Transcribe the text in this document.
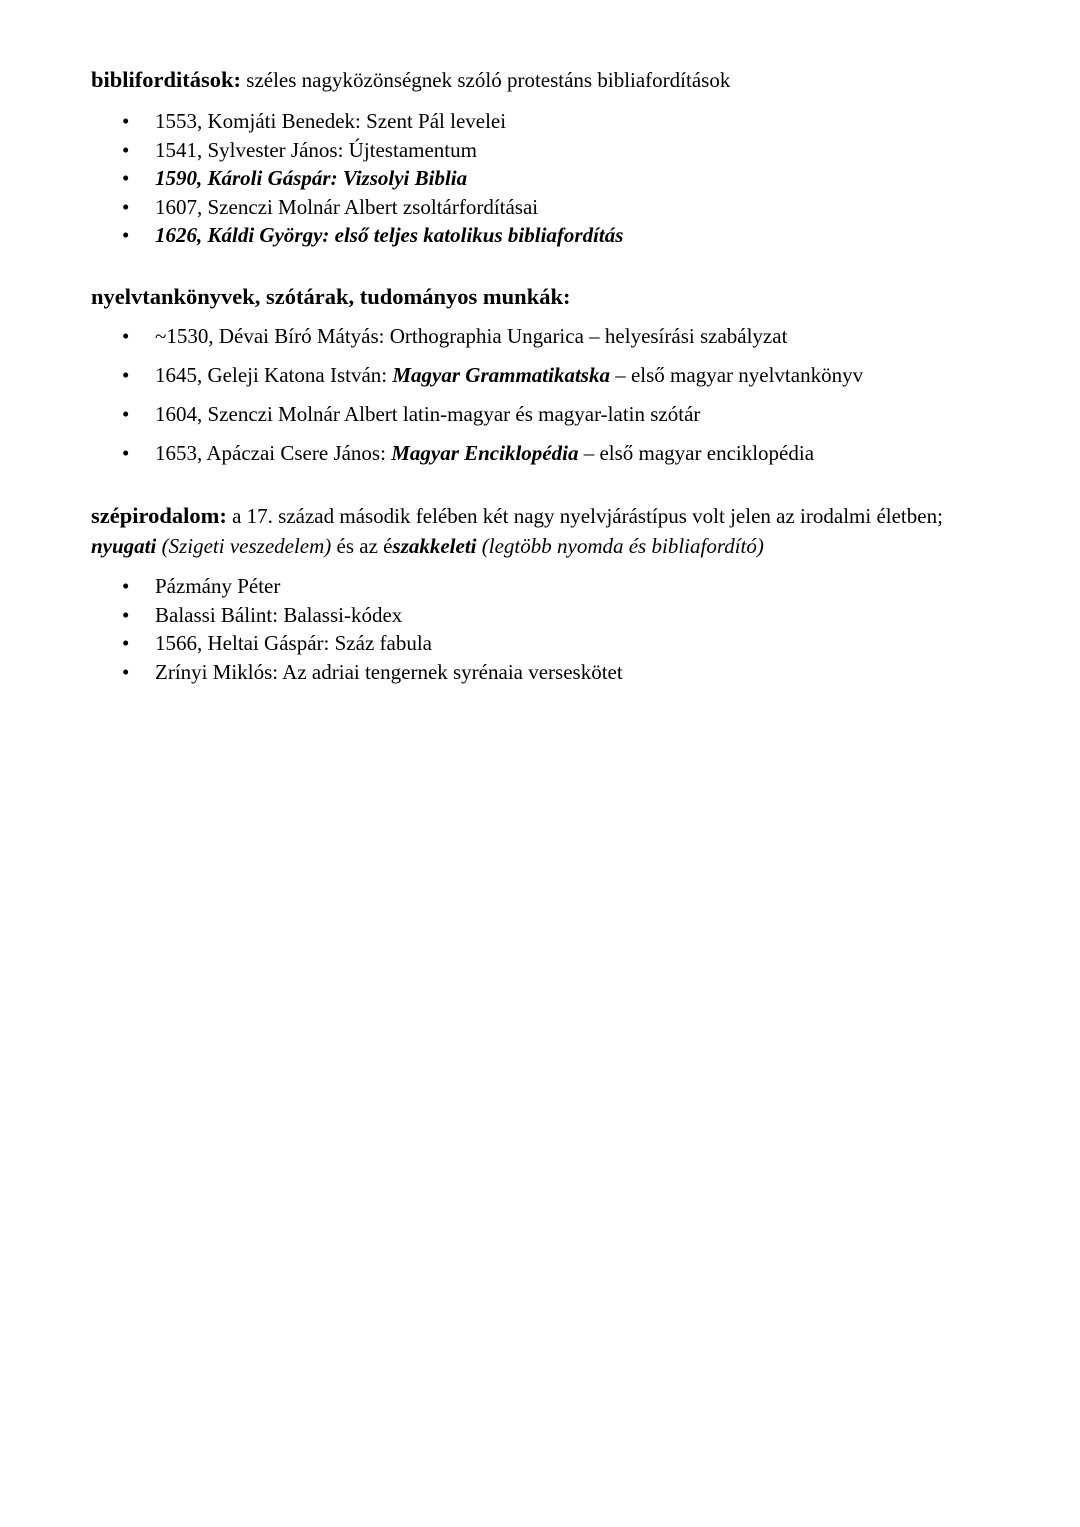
bibliforditások: széles nagyközönségnek szóló protestáns bibliafordítások

• 1553, Komjáti Benedek: Szent Pál levelei
• 1541, Sylvester János: Újtestamentum
• 1590, Károli Gáspár: Vizsolyi Biblia
• 1607, Szenczi Molnár Albert zsoltárfordításai
• 1626, Káldi György: első teljes katolikus bibliafordítás

nyelvtankönyvek, szótárak, tudományos munkák:

• ~1530, Dévai Bíró Mátyás: Orthographia Ungarica – helyesírási szabályzat
• 1645, Geleji Katona István: Magyar Grammatikatska – első magyar nyelvtankönyv
• 1604, Szenczi Molnár Albert latin-magyar és magyar-latin szótár
• 1653, Apáczai Csere János: Magyar Enciklopédia – első magyar enciklopédia

szépirodalom: a 17. század második felében két nagy nyelvjárástípus volt jelen az irodalmi életben;
nyugati (Szigeti veszedelem) és az északkeleti (legtöbb nyomda és bibliafordító)

• Pázmány Péter
• Balassi Bálint: Balassi-kódex
• 1566, Heltai Gáspár: Száz fabula
• Zrínyi Miklós: Az adriai tengernek syrénaia verseskötet
